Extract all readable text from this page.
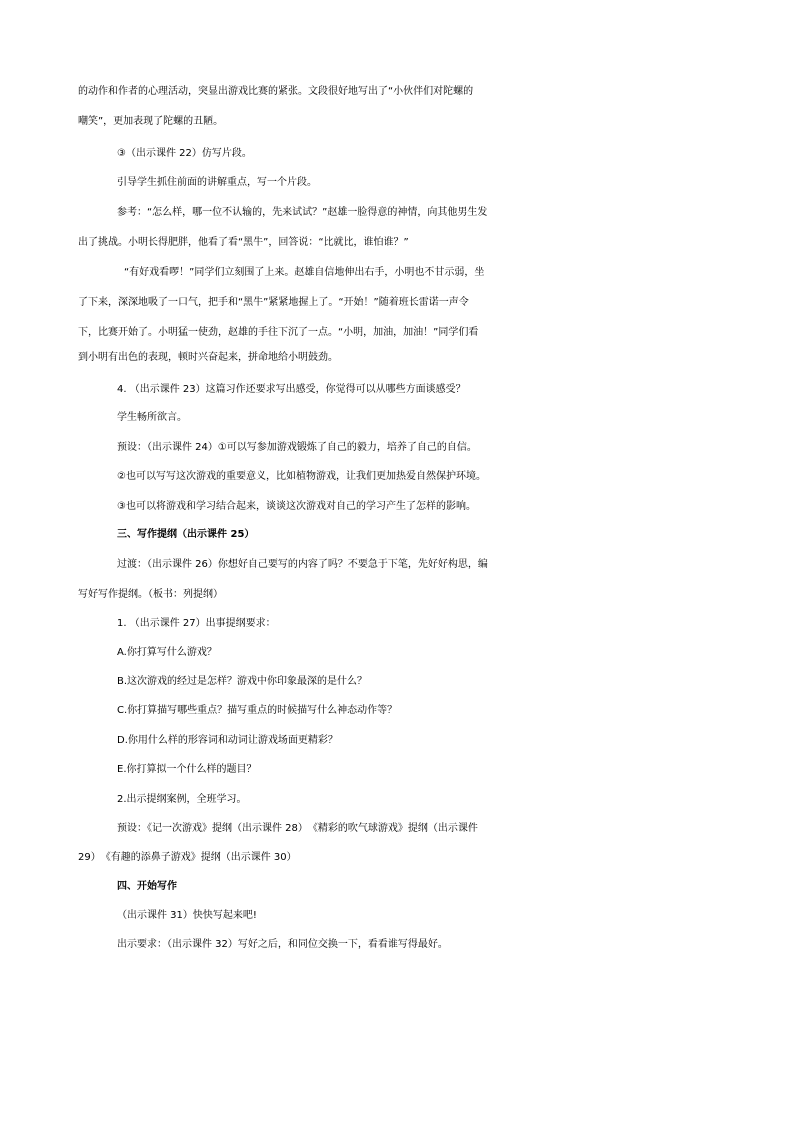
的动作和作者的心理活动，突显出游戏比赛的紧张。文段很好地写出了“小伙伴们对陀螺的
嘲笑”，更加表现了陀螺的丑陋。
③（出示课件 22）仿写片段。
引导学生抓住前面的讲解重点，写一个片段。
参考：“怎么样，哪一位不认输的，先来试试？”赵雄一脸得意的神情，向其他男生发
出了挑战。小明长得肥胖，他看了看“黑牛”，回答说：“比就比，谁怕谁？”
“有好戏看啰！”同学们立刻围了上来。赵雄自信地伸出右手，小明也不甘示弱，坐
了下来，深深地吸了一口气，把手和“黑牛”紧紧地握上了。“开始！”随着班长雷诺一声令
下，比赛开始了。小明猛一使劲，赵雄的手往下沉了一点。“小明，加油，加油！”同学们看
到小明有出色的表现，顿时兴奋起来，拼命地给小明鼓劲。
4. （出示课件 23）这篇习作还要求写出感受，你觉得可以从哪些方面谈感受？
学生畅所欲言。
预设：（出示课件 24）①可以写参加游戏锻炼了自己的毅力，培养了自己的自信。
②也可以写写这次游戏的重要意义，比如植物游戏，让我们更加热爱自然保护环境。
③也可以将游戏和学习结合起来，谈谈这次游戏对自己的学习产生了怎样的影响。
三、写作提纲（出示课件 25）
过渡：（出示课件 26）你想好自己要写的内容了吗？不要急于下笔，先好好构思，编
写好写作提纲。（板书：列提纲）
1. （出示课件 27）出事提纲要求：
A.你打算写什么游戏？
B.这次游戏的经过是怎样？游戏中你印象最深的是什么？
C.你打算描写哪些重点？描写重点的时候描写什么神态动作等？
D.你用什么样的形容词和动词让游戏场面更精彩？
E.你打算拟一个什么样的题目？
2.出示提纲案例，全班学习。
预设：《记一次游戏》提纲（出示课件 28）　《精彩的吹气球游戏》提纲（出示课件
29）　《有趣的添鼻子游戏》提纲（出示课件 30）
四、开始写作
（出示课件 31）快快写起来吧!
出示要求：（出示课件 32）写好之后，和同位交换一下，看看谁写得最好。
